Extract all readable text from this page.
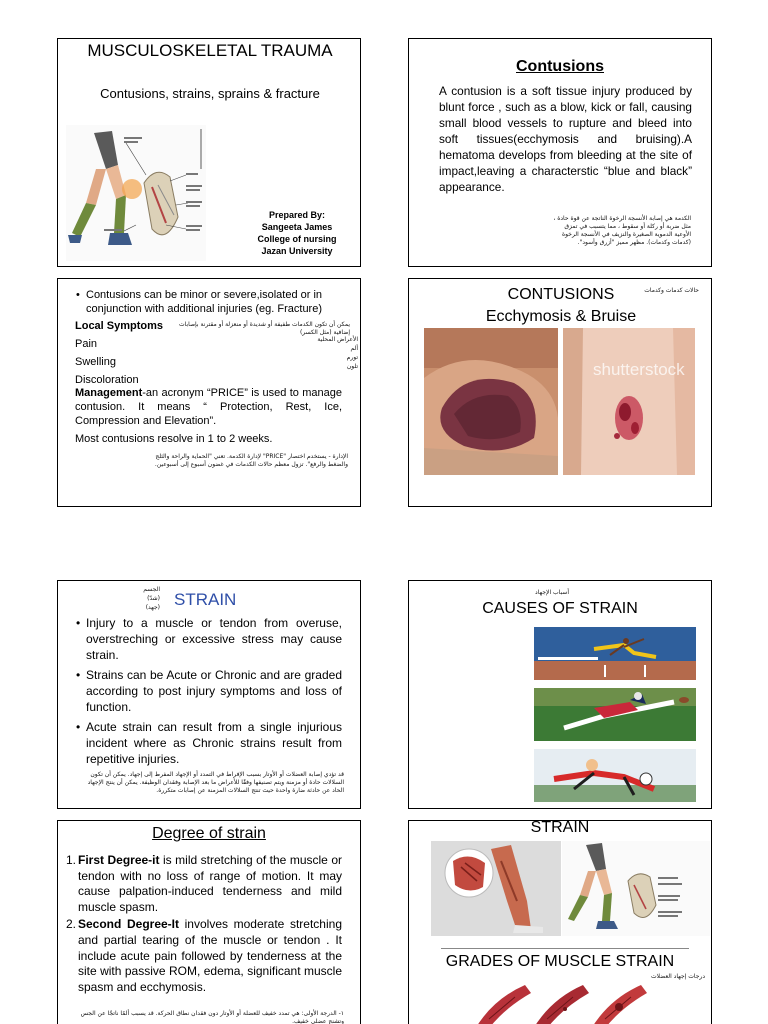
MUSCULOSKELETAL TRAUMA
Contusions, strains, sprains & fracture
Prepared By:
Sangeeta James
College of nursing
Jazan University
Contusions
A contusion is a soft tissue injury produced by blunt force , such as a blow, kick or fall, causing small blood vessels to rupture and bleed into soft tissues(ecchymosis and bruising).A hematoma develops from bleeding at the site of impact,leaving a characterstic “blue and black” appearance.
الكدمة هي إصابة الأنسجة الرخوة الناتجة عن قوة حادة ، مثل ضربة أو ركلة أو سقوط ، مما يتسبب في تمزق الأوعية الدموية الصغيرة والنزيف في الأنسجة الرخوة (كدمات وكدمات). مظهر مميز "أزرق وأسود".
• Contusions can be minor or severe,isolated or in conjunction with additional injuries (eg. Fracture)
Local Symptoms	يمكن أن تكون الكدمات طفيفة أو شديدة أو منعزلة أو مقترنة بإصابات إضافية (مثل الكسر)
Pain
Swelling
Discoloration
الأعراض المحلية
ألم
تورم
تلون
Management-an acronym “PRICE” is used to manage contusion. It means “ Protection, Rest, Ice, Compression and Elevation”.
Most contusions resolve in 1 to 2 weeks.
الإدارة - يستخدم اختصار "PRICE" لإدارة الكدمة. تعني "الحماية والراحة والثلج والضغط والرفع". تزول معظم حالات الكدمات في غضون أسبوع إلى أسبوعين.
CONTUSIONS	حالات كدمات وكدمات
Ecchymosis & Bruise
shutterstock
الجسم
(شدّ)
(جهد) STRAIN
• Injury to a muscle or tendon from overuse, overstreching or excessive stress may cause strain.
• Strains can be Acute or Chronic and are graded according to post injury symptoms and loss of function.
• Acute strain can result from a single injurious incident where as Chronic strains result from repetitive injuries.
قد تؤدي إصابة العضلات أو الأوتار بسبب الإفراط في التمدد أو الإجهاد المفرط إلى إجهاد. يمكن أن تكون السلالات حادة أو مزمنة ويتم تصنيفها وفقًا للأعراض ما بعد الإصابة وفقدان الوظيفة. يمكن أن ينتج الإجهاد الحاد عن حادثة ضارة واحدة حيث تنتج السلالات المزمنة عن إصابات متكررة.
أسباب الإجهاد
CAUSES OF STRAIN
Degree of strain
1. First Degree-it is mild stretching of the muscle or tendon with no loss of range of motion. It may cause palpation-induced tenderness and mild muscle spasm.
2. Second Degree-It involves moderate stretching and partial tearing of the muscle or tendon . It include acute pain followed by tenderness at the site with passive ROM, edema, significant muscle spasm and ecchymosis.
١- الدرجة الأولى: هي تمدد خفيف للعضلة أو الأوتار دون فقدان نطاق الحركة. قد يسبب ألمًا ناتجًا عن الجس وتشنج عضلي خفيف.
STRAIN
GRADES OF MUSCLE STRAIN
درجات إجهاد العضلات
